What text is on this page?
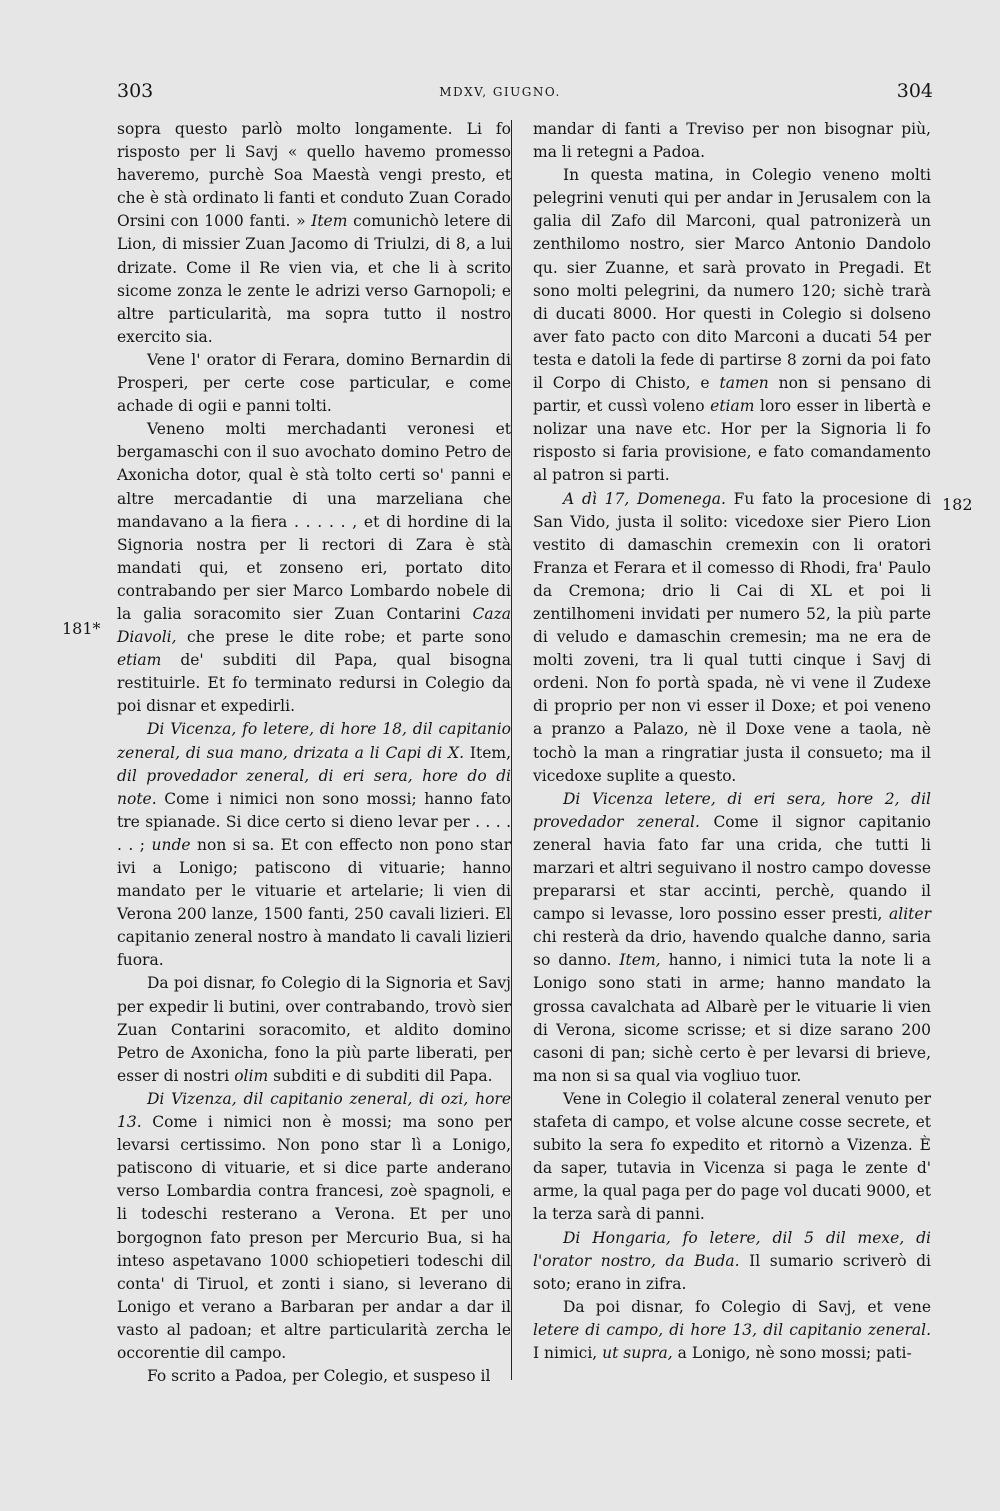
303	MDXV, GIUGNO.	304
181*
182

sopra questo parlò molto longamente. Li fo risposto per li Savj « quello havemo promesso haveremo, purchè Soa Maestà vengi presto, et che è stà ordinato li fanti et conduto Zuan Corado Orsini con 1000 fanti. » Item comunichò letere di Lion, di missier Zuan Jacomo di Triulzi, di 8, a lui drizate. Come il Re vien via, et che li à scrito sicome zonza le zente le adrizi verso Garnopoli; e altre particularità, ma sopra tutto il nostro exercito sia.

Vene l' orator di Ferara, domino Bernardin di Prosperi, per certe cose particular, e come achade di ogii e panni tolti.

Veneno molti merchadanti veronesi et bergamaschi con il suo avochato domino Petro de Axonicha dotor, qual è stà tolto certi so' panni e altre mercadantie di una marzeliana che mandavano a la fiera . . . . . , et di hordine di la Signoria nostra per li rectori di Zara è stà mandati qui, et zonseno eri, portato dito contrabando per sier Marco Lombardo nobele di la galia soracomito sier Zuan Contarini Caza Diavoli, che prese le dite robe; et parte sono etiam de' subditi dil Papa, qual bisogna restituirle. Et fo terminato redursi in Colegio da poi disnar et expedirli.

Di Vicenza, fo letere, di hore 18, dil capitanio zeneral, di sua mano, drizata a li Capi di X. Item, dil provedador zeneral, di eri sera, hore do di note. Come i nimici non sono mossi; hanno fato tre spianade. Si dice certo si dieno levar per . . . . . . ; unde non si sa. Et con effecto non pono star ivi a Lonigo; patiscono di vituarie; hanno mandato per le vituarie et artelarie; li vien di Verona 200 lanze, 1500 fanti, 250 cavali lizieri. El capitanio zeneral nostro à mandato li cavali lizieri fuora.

Da poi disnar, fo Colegio di la Signoria et Savj per expedir li butini, over contrabando, trovò sier Zuan Contarini soracomito, et aldito domino Petro de Axonicha, fono la più parte liberati, per esser di nostri olim subditi e di subditi dil Papa.

Di Vizenza, dil capitanio zeneral, di ozi, hore 13. Come i nimici non è mossi; ma sono per levarsi certissimo. Non pono star lì a Lonigo, patiscono di vituarie, et si dice parte anderano verso Lombardia contra francesi, zoè spagnoli, e li todeschi resterano a Verona. Et per uno borgognon fato preson per Mercurio Bua, si ha inteso aspetavano 1000 schiopetieri todeschi dil conta' di Tiruol, et zonti i siano, si leverano di Lonigo et verano a Barbaran per andar a dar il vasto al padoan; et altre particularità zercha le occorentie dil campo.

Fo scrito a Padoa, per Colegio, et suspeso il

mandar di fanti a Treviso per non bisognar più, ma li retegni a Padoa.

In questa matina, in Colegio veneno molti pelegrini venuti qui per andar in Jerusalem con la galia dil Zafo dil Marconi, qual patronizerà un zenthilomo nostro, sier Marco Antonio Dandolo qu. sier Zuanne, et sarà provato in Pregadi. Et sono molti pelegrini, da numero 120; sichè trarà di ducati 8000. Hor questi in Colegio si dolseno aver fato pacto con dito Marconi a ducati 54 per testa e datoli la fede di partirse 8 zorni da poi fato il Corpo di Chisto, e tamen non si pensano di partir, et cussì voleno etiam loro esser in libertà e nolizar una nave etc. Hor per la Signoria li fo risposto si faria provisione, e fato comandamento al patron si parti.

A dì 17, Domenega. Fu fato la procesione di San Vido, justa il solito: vicedoxe sier Piero Lion vestito di damaschin cremexin con li oratori Franza et Ferara et il comesso di Rhodi, fra' Paulo da Cremona; drio li Cai di XL et poi li zentilhomeni invidati per numero 52, la più parte di veludo e damaschin cremesin; ma ne era de molti zoveni, tra li qual tutti cinque i Savj di ordeni. Non fo portà spada, nè vi vene il Zudexe di proprio per non vi esser il Doxe; et poi veneno a pranzo a Palazo, nè il Doxe vene a taola, nè tochò la man a ringratiar justa il consueto; ma il vicedoxe suplite a questo.

Di Vicenza letere, di eri sera, hore 2, dil provedador zeneral. Come il signor capitanio zeneral havia fato far una crida, che tutti li marzari et altri seguivano il nostro campo dovesse prepararsi et star accinti, perchè, quando il campo si levasse, loro possino esser presti, aliter chi resterà da drio, havendo qualche danno, saria so danno. Item, hanno, i nimici tuta la note li a Lonigo sono stati in arme; hanno mandato la grossa cavalchata ad Albarè per le vituarie li vien di Verona, sicome scrisse; et si dize sarano 200 casoni di pan; sichè certo è per levarsi di brieve, ma non si sa qual via vogliuo tuor.

Vene in Colegio il colateral zeneral venuto per stafeta di campo, et volse alcune cosse secrete, et subito la sera fo expedito et ritornò a Vizenza. È da saper, tutavia in Vicenza si paga le zente d' arme, la qual paga per do page vol ducati 9000, et la terza sarà di panni.

Di Hongaria, fo letere, dil 5 dil mexe, di l'orator nostro, da Buda. Il sumario scriverò di soto; erano in zifra.

Da poi disnar, fo Colegio di Savj, et vene letere di campo, di hore 13, dil capitanio zeneral. I nimici, ut supra, a Lonigo, nè sono mossi; pati-
